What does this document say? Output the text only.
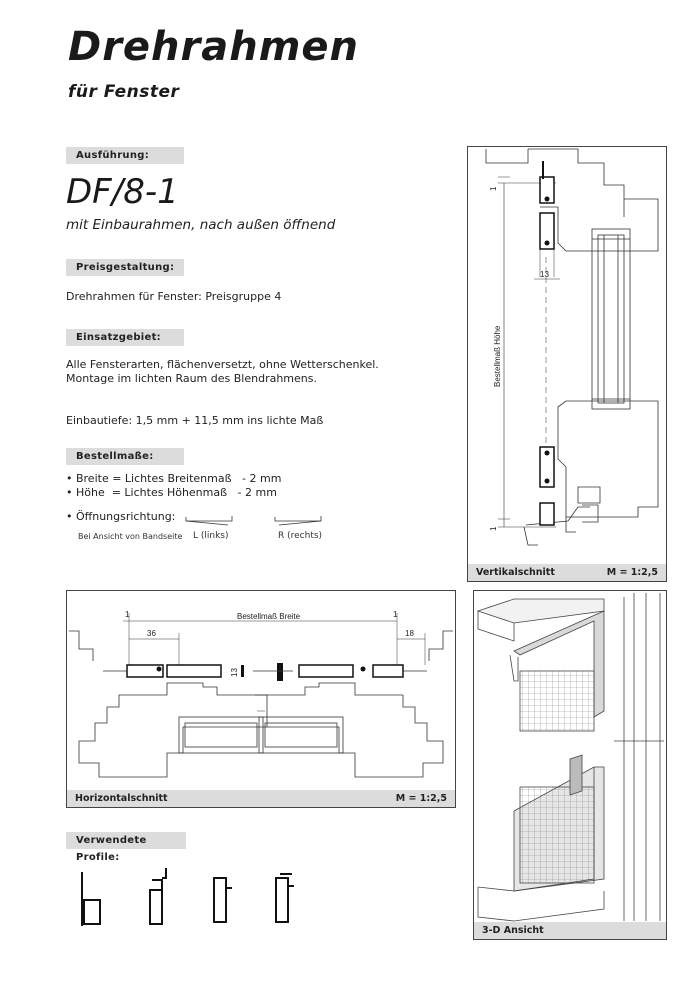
Drehrahmen
für Fenster
Ausführung:
DF/8-1
mit Einbaurahmen, nach außen öffnend
Preisgestaltung:
Drehrahmen für Fenster: Preisgruppe 4
Einsatzgebiet:
Alle Fensterarten, flächenversetzt, ohne Wetterschenkel.
Montage im lichten Raum des Blendrahmens.
Einbautiefe: 1,5 mm + 11,5 mm ins lichte Maß
Bestellmaße:
• Breite = Lichtes Breitenmaß   - 2 mm
• Höhe  = Lichtes Höhenmaß   - 2 mm
• Öffnungsrichtung:
Bei Ansicht von Bandseite L (links)	R (rechts)
13
1
1
Bestellmaß Höhe
Vertikalschnitt	M = 1:2,5
1
36
Bestellmaß Breite	1
18
13
Horizontalschnitt	M = 1:2,5
3-D Ansicht
Verwendete Profile:
